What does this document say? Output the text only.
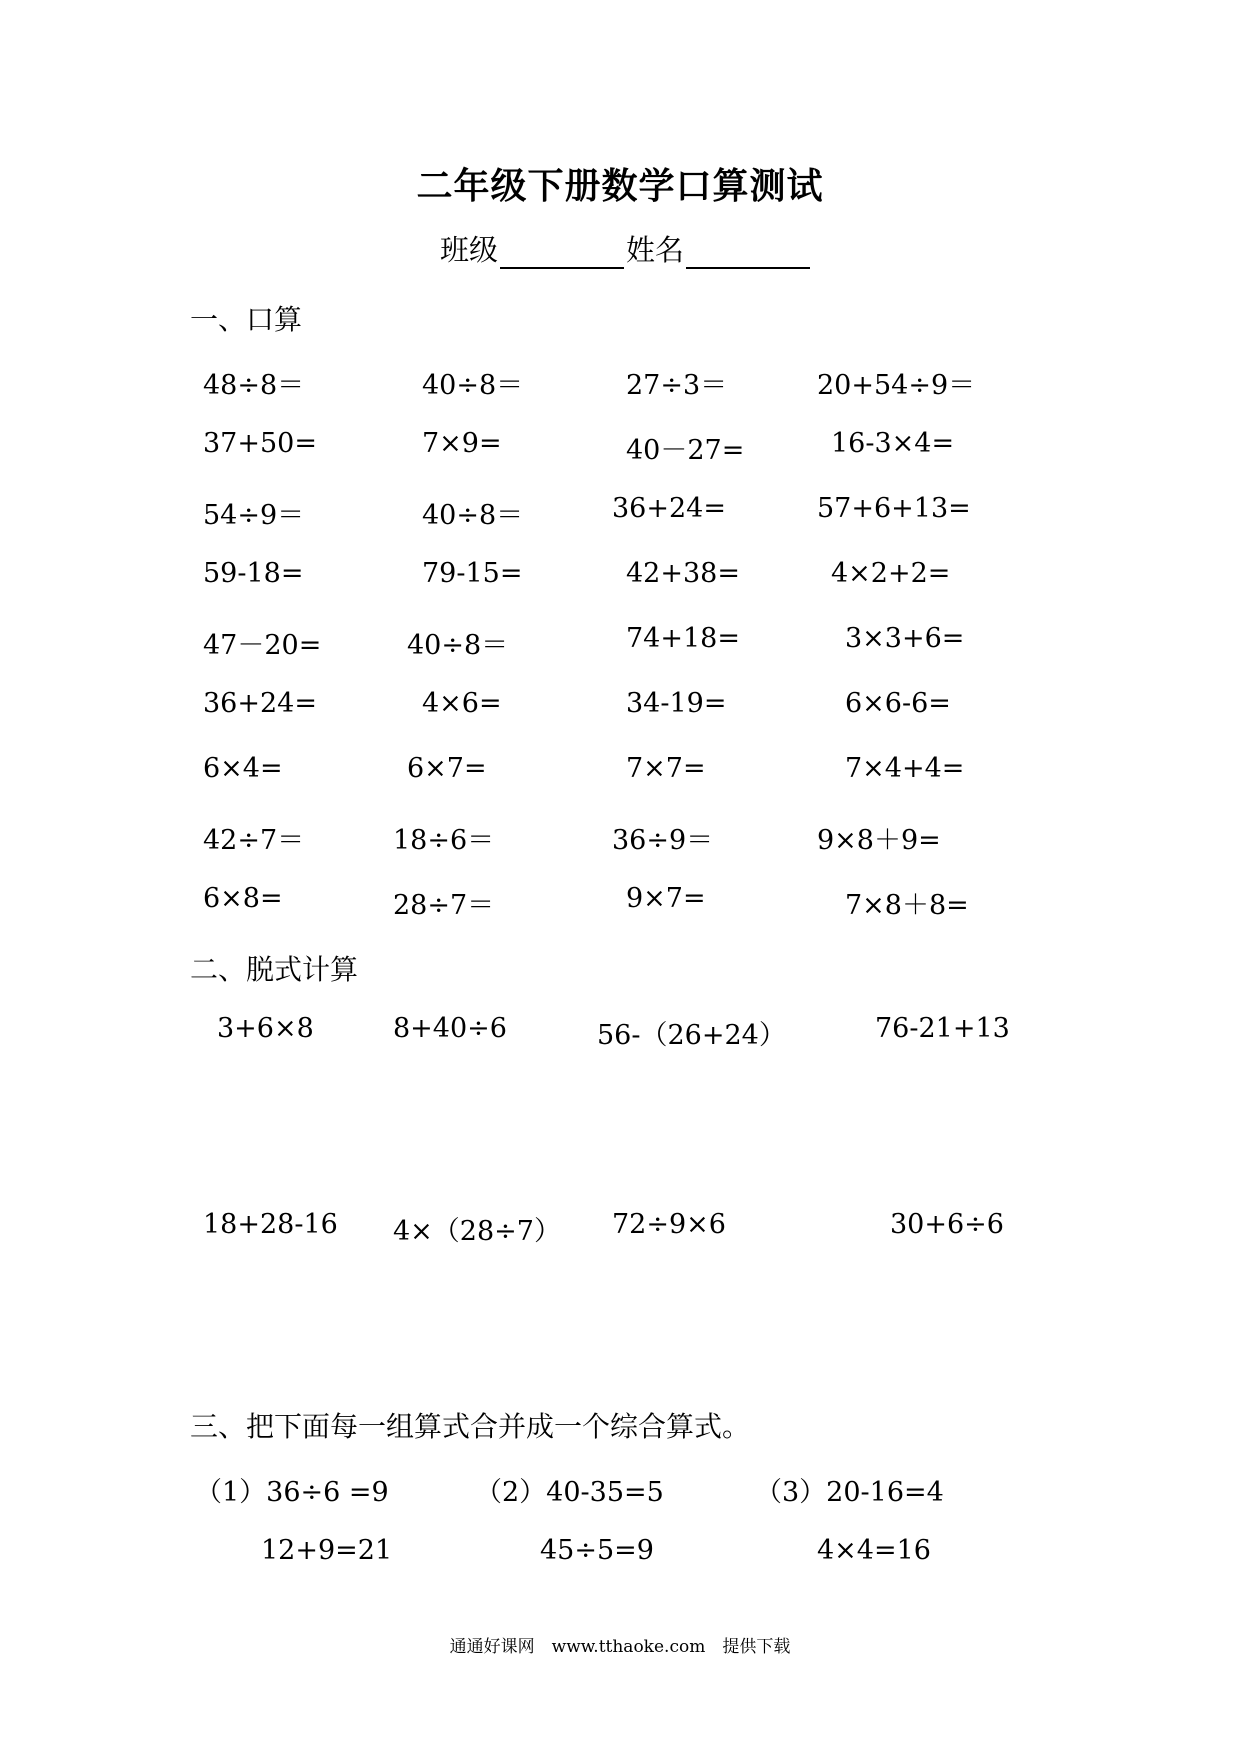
二年级下册数学口算测试
班级	姓名
一、口算
48÷8＝	40÷8＝	27÷3＝	20+54÷9＝
37+50=	7×9=	40－27=	16-3×4=
54÷9＝	40÷8＝	36+24=	57+6+13=
59-18=	79-15=	42+38=	4×2+2=
47－20=	40÷8＝	74+18=	3×3+6=
36+24=	4×6=	34-19=	6×6-6=
6×4=	6×7=	7×7=	7×4+4=
42÷7＝	18÷6＝	36÷9＝	9×8＋9=
6×8=	28÷7＝	9×7=	7×8＋8=
二、脱式计算
3+6×8	8+40÷6	56-（26+24）	76-21+13
18+28-16 4×（28÷7） 72÷9×6	30+6÷6
三、把下面每一组算式合并成一个综合算式。
（1）36÷6 =9	（2）40-35=5	（3）20-16=4
12+9=21	45÷5=9	4×4=16
通通好课网　www.tthaoke.com　提供下载
